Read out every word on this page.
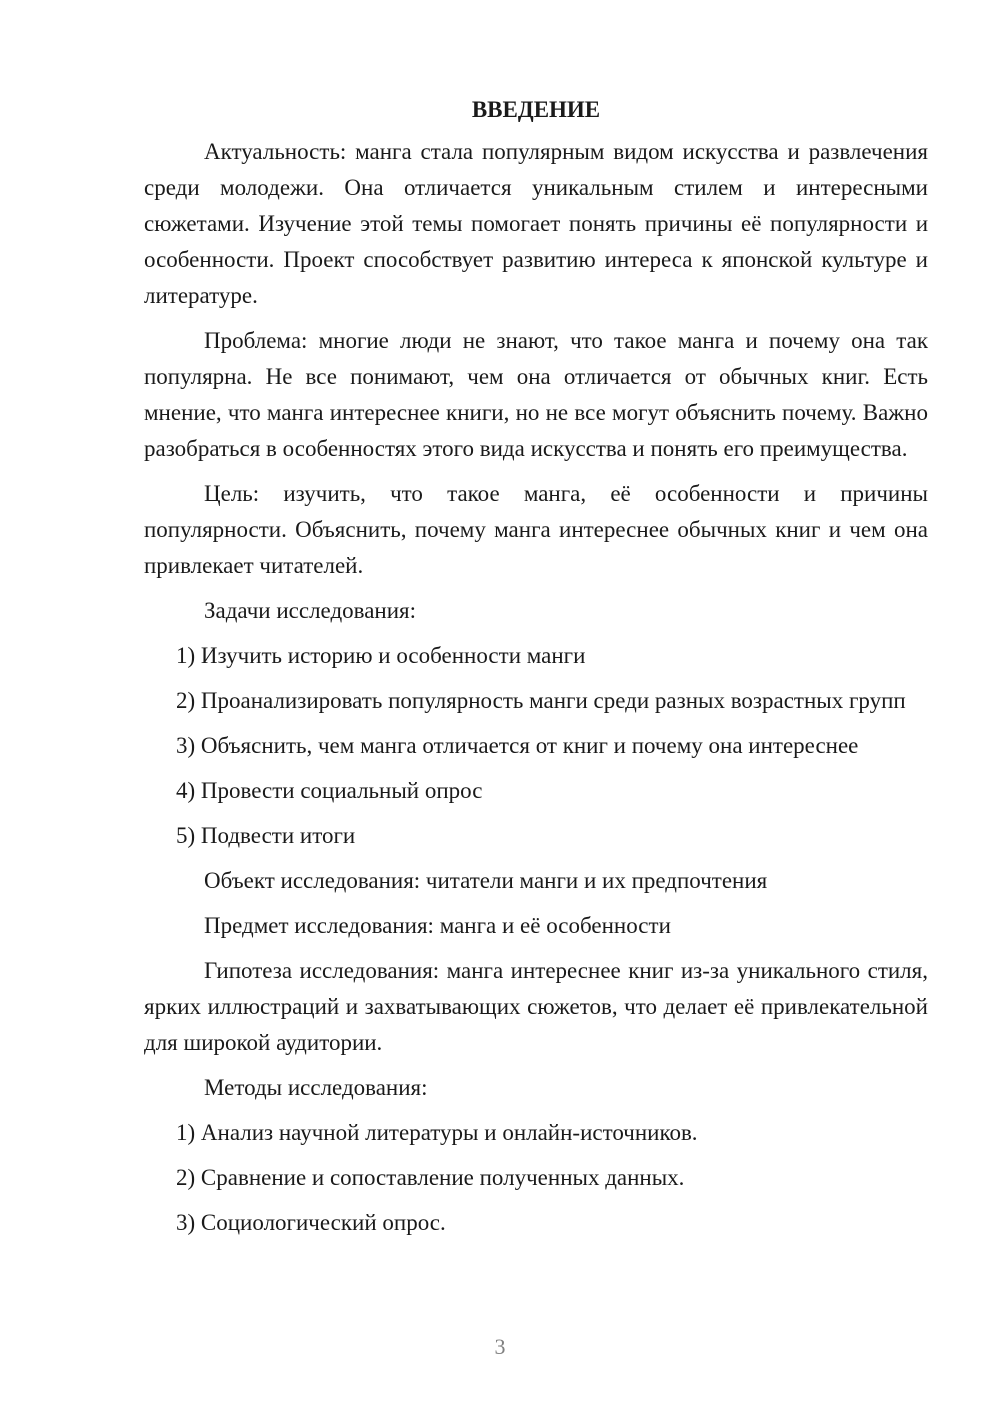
ВВЕДЕНИЕ

Актуальность: манга стала популярным видом искусства и развлечения среди молодежи. Она отличается уникальным стилем и интересными сюжетами. Изучение этой темы помогает понять причины её популярности и особенности. Проект способствует развитию интереса к японской культуре и литературе.

Проблема: многие люди не знают, что такое манга и почему она так популярна. Не все понимают, чем она отличается от обычных книг. Есть мнение, что манга интереснее книги, но не все могут объяснить почему. Важно разобраться в особенностях этого вида искусства и понять его преимущества.

Цель: изучить, что такое манга, её особенности и причины популярности. Объяснить, почему манга интереснее обычных книг и чем она привлекает читателей.

Задачи исследования:

1) Изучить историю и особенности манги

2) Проанализировать популярность манги среди разных возрастных групп

3) Объяснить, чем манга отличается от книг и почему она интереснее

4) Провести социальный опрос

5) Подвести итоги

Объект исследования: читатели манги и их предпочтения

Предмет исследования: манга и её особенности

Гипотеза исследования: манга интереснее книг из-за уникального стиля, ярких иллюстраций и захватывающих сюжетов, что делает её привлекательной для широкой аудитории.

Методы исследования:

1) Анализ научной литературы и онлайн-источников.

2) Сравнение и сопоставление полученных данных.

3) Социологический опрос.

3
